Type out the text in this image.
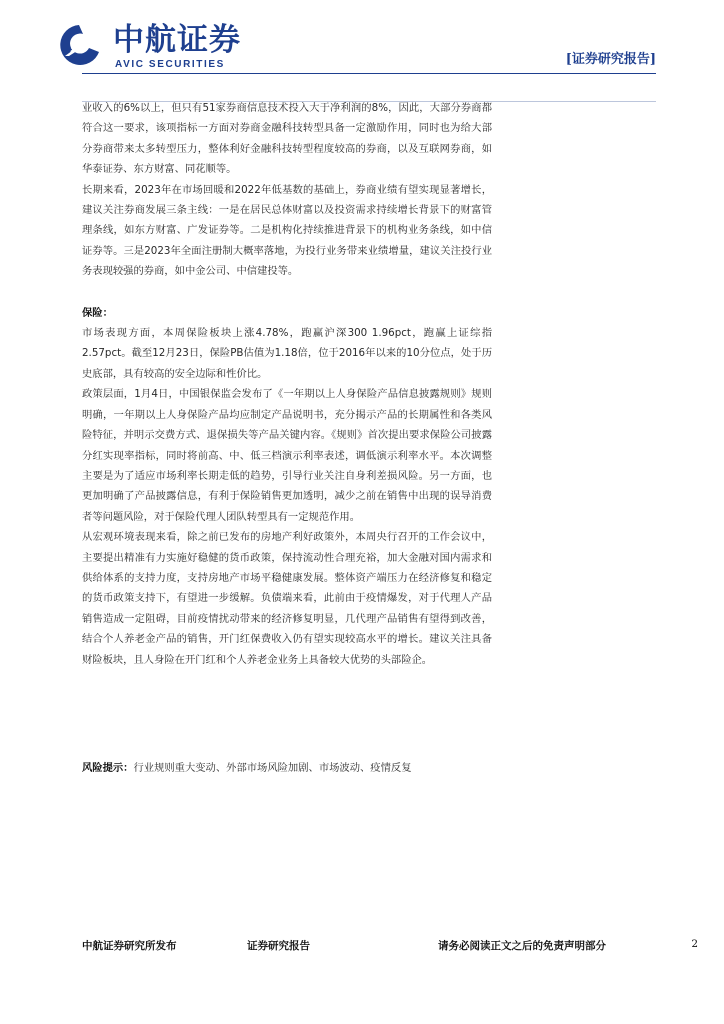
AVIC 中航证券
AVIC SECURITIES	[证券研究报告]

业收入的6%以上，但只有51家券商信息技术投入大于净利润的8%，因此，大部分券商都符合这一要求，该项指标一方面对券商金融科技转型具备一定激励作用，同时也为给大部分券商带来太多转型压力，整体利好金融科技转型程度较高的券商，以及互联网券商，如华泰证券、东方财富、同花顺等。

长期来看，2023年在市场回暖和2022年低基数的基础上，券商业绩有望实现显著增长，建议关注券商发展三条主线：一是在居民总体财富以及投资需求持续增长背景下的财富管理条线，如东方财富、广发证券等。二是机构化持续推进背景下的机构业务条线，如中信证券等。三是2023年全面注册制大概率落地，为投行业务带来业绩增量，建议关注投行业务表现较强的券商，如中金公司、中信建投等。

保险：

市场表现方面，本周保险板块上涨4.78%，跑赢沪深300 1.96pct，跑赢上证综指2.57pct。截至12月23日，保险PB估值为1.18倍，位于2016年以来的10分位点，处于历史底部，具有较高的安全边际和性价比。

政策层面，1月4日，中国银保监会发布了《一年期以上人身保险产品信息披露规则》规则明确，一年期以上人身保险产品均应制定产品说明书，充分揭示产品的长期属性和各类风险特征，并明示交费方式、退保损失等产品关键内容。《规则》首次提出要求保险公司披露分红实现率指标，同时将前高、中、低三档演示利率表述，调低演示利率水平。本次调整主要是为了适应市场利率长期走低的趋势，引导行业关注自身利差损风险。另一方面，也更加明确了产品披露信息，有利于保险销售更加透明，减少之前在销售中出现的误导消费者等问题风险，对于保险代理人团队转型具有一定规范作用。

从宏观环境表现来看，除之前已发布的房地产利好政策外，本周央行召开的工作会议中，主要提出精准有力实施好稳健的货币政策，保持流动性合理充裕，加大金融对国内需求和供给体系的支持力度，支持房地产市场平稳健康发展。整体资产端压力在经济修复和稳定的货币政策支持下，有望进一步缓解。负债端来看，此前由于疫情爆发，对于代理人产品销售造成一定阻碍，目前疫情扰动带来的经济修复明显，几代理产品销售有望得到改善，结合个人养老金产品的销售，开门红保费收入仍有望实现较高水平的增长。建议关注具备财险板块，且人身险在开门红和个人养老金业务上具备较大优势的头部险企。

风险提示：行业规则重大变动、外部市场风险加剧、市场波动、疫情反复
中航证券研究所发布	证券研究报告	请务必阅读正文之后的免责声明部分	2
